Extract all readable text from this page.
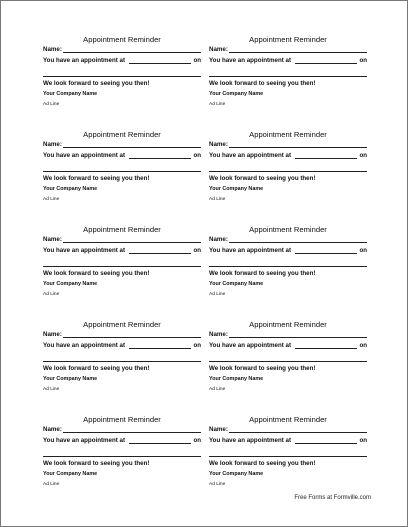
Appointment Reminder
Name:
You have an appointment at	on
We look forward to seeing you then!
Your Company Name
Ad Line
Appointment Reminder
Name:
You have an appointment at	on
We look forward to seeing you then!
Your Company Name
Ad Line
Appointment Reminder
Name:
You have an appointment at	on
We look forward to seeing you then!
Your Company Name
Ad Line
Appointment Reminder
Name:
You have an appointment at	on
We look forward to seeing you then!
Your Company Name
Ad Line
Appointment Reminder
Name:
You have an appointment at	on
We look forward to seeing you then!
Your Company Name
Ad Line
Appointment Reminder
Name:
You have an appointment at	on
We look forward to seeing you then!
Your Company Name
Ad Line
Appointment Reminder
Name:
You have an appointment at	on
We look forward to seeing you then!
Your Company Name
Ad Line
Appointment Reminder
Name:
You have an appointment at	on
We look forward to seeing you then!
Your Company Name
Ad Line
Appointment Reminder
Name:
You have an appointment at	on
We look forward to seeing you then!
Your Company Name
Ad Line
Appointment Reminder
Name:
You have an appointment at	on
We look forward to seeing you then!
Your Company Name
Ad Line
Free Forms at Formville.com
